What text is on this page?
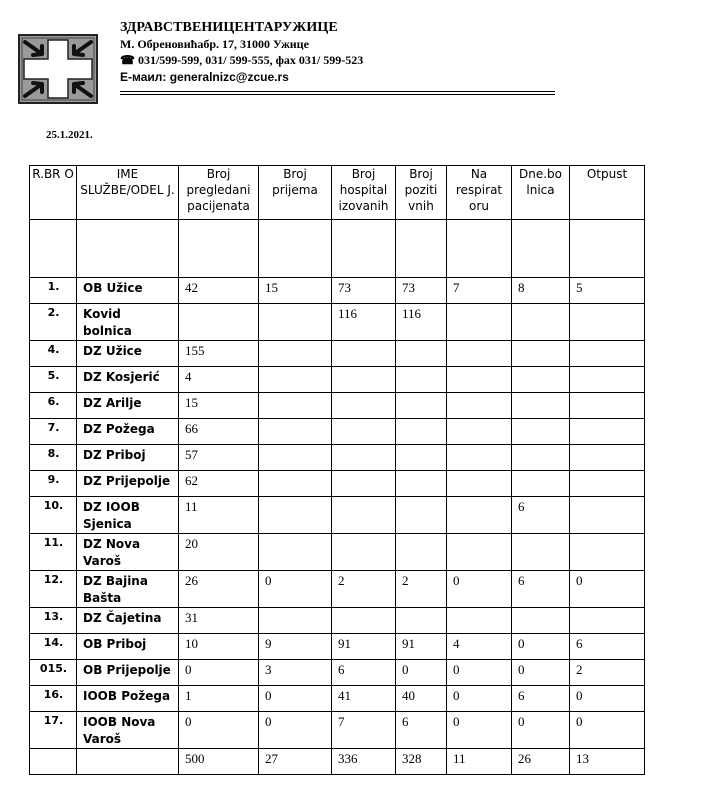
ЗДРАВСТВЕНИЦЕНТАРУЖИЦЕ
М. Обреновићабр. 17, 31000 Ужице
☎ 031/599-599, 031/ 599-555, фах 031/ 599-523
Е-маил: generalnizc@zcue.rs
25.1.2021.
R.BR O	IME SLUŽBE/ODEL J.	Broj pregledani pacijenata	Broj prijema	Broj hospital izovanih	Broj poziti vnih	Na respirat oru	Dne.bo lnica	Otpust

1.	OB Užice	42	15	73	73	7	8	5
2.	Kovid bolnica			116	116			
4.	DZ Užice	155						
5.	DZ Kosjerić	4						
6.	DZ Arilje	15						
7.	DZ Požega	66						
8.	DZ Priboj	57						
9.	DZ Prijepolje	62						
10.	DZ IOOB Sjenica	11					6	
11.	DZ Nova Varoš	20						
12.	DZ Bajina Bašta	26	0	2	2	0	6	0
13.	DZ Čajetina	31						
14.	OB Priboj	10	9	91	91	4	0	6
015.	OB Prijepolje	0	3	6	0	0	0	2
16.	IOOB Požega	1	0	41	40	0	6	0
17.	IOOB Nova Varoš	0	0	7	6	0	0	0
		500	27	336	328	11	26	13
